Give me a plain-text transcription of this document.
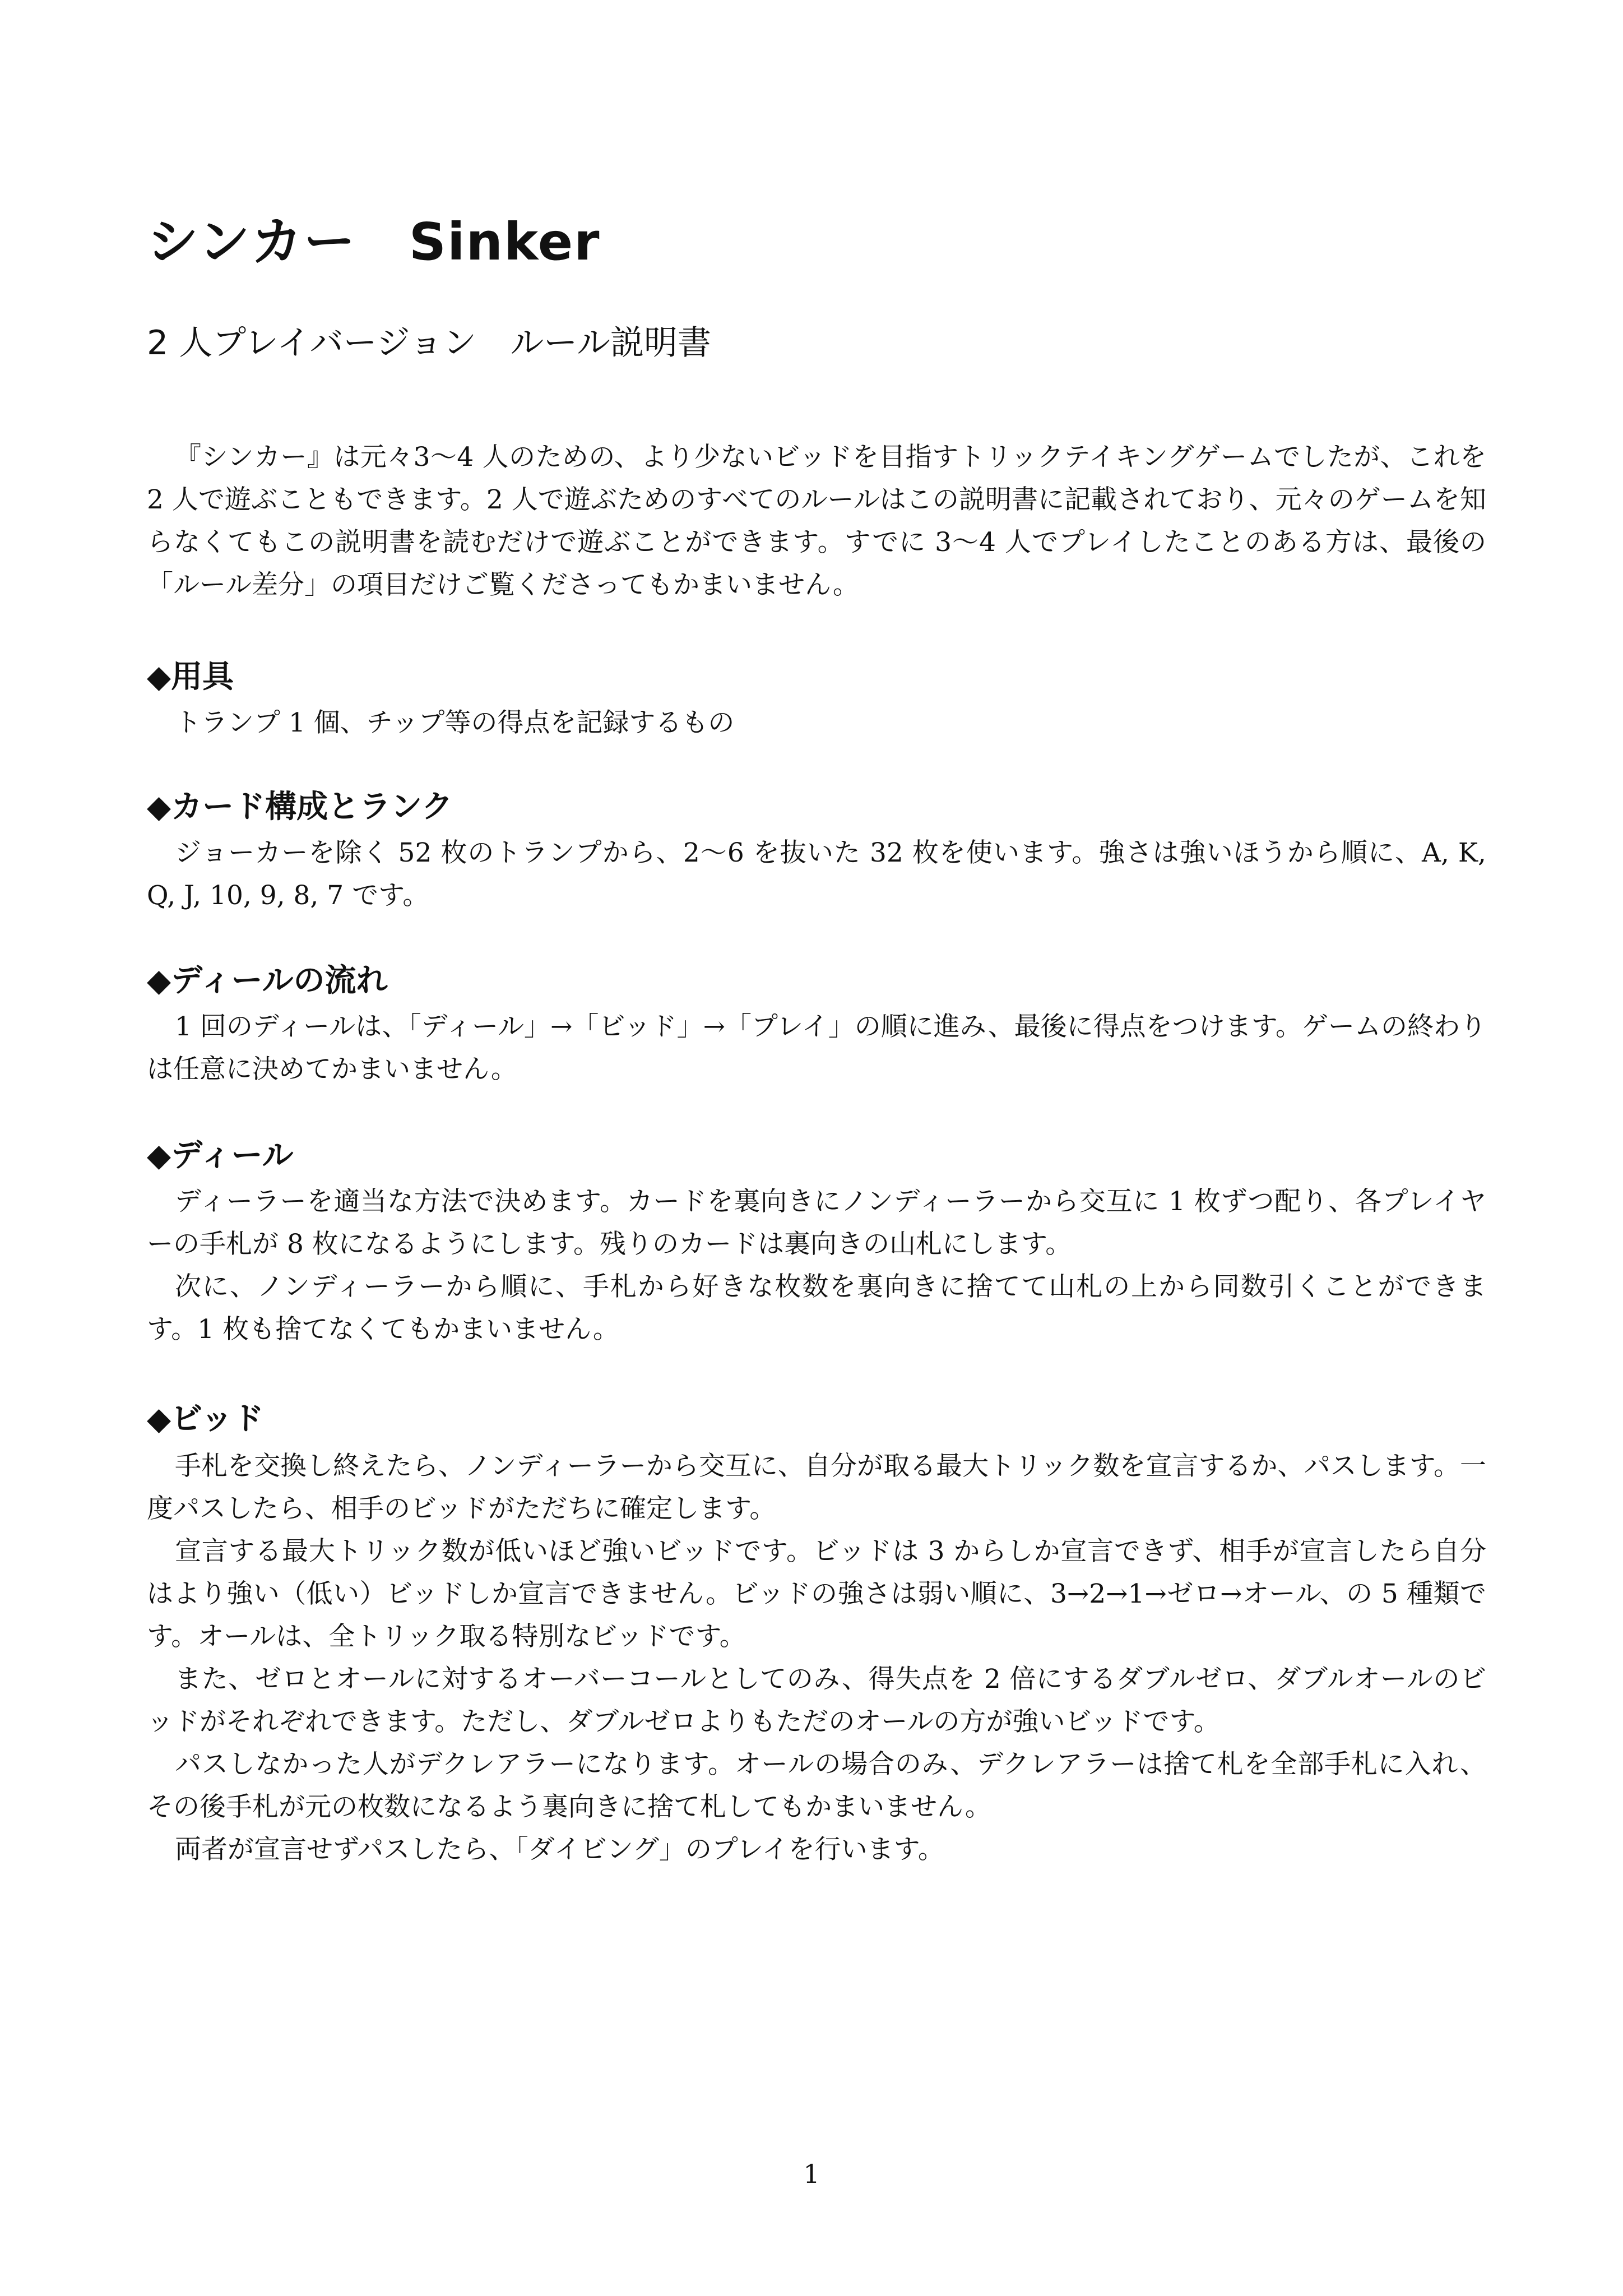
シンカー　Sinker
2 人プレイバージョン　ルール説明書

『シンカー』は元々3〜4 人のための、より少ないビッドを目指すトリックテイキングゲームでしたが、これを 2 人で遊ぶこともできます。2 人で遊ぶためのすべてのルールはこの説明書に記載されており、元々のゲームを知らなくてもこの説明書を読むだけで遊ぶことができます。すでに 3〜4 人でプレイしたことのある方は、最後の「ルール差分」の項目だけご覧くださってもかまいません。

◆用具

トランプ 1 個、チップ等の得点を記録するもの

◆カード構成とランク

ジョーカーを除く 52 枚のトランプから、2〜6 を抜いた 32 枚を使います。強さは強いほうから順に、A, K, Q, J, 10, 9, 8, 7 です。

◆ディールの流れ

1 回のディールは、「ディール」→「ビッド」→「プレイ」の順に進み、最後に得点をつけます。ゲームの終わりは任意に決めてかまいません。

◆ディール

ディーラーを適当な方法で決めます。カードを裏向きにノンディーラーから交互に 1 枚ずつ配り、各プレイヤーの手札が 8 枚になるようにします。残りのカードは裏向きの山札にします。

次に、ノンディーラーから順に、手札から好きな枚数を裏向きに捨てて山札の上から同数引くことができます。1 枚も捨てなくてもかまいません。

◆ビッド

手札を交換し終えたら、ノンディーラーから交互に、自分が取る最大トリック数を宣言するか、パスします。一度パスしたら、相手のビッドがただちに確定します。

宣言する最大トリック数が低いほど強いビッドです。ビッドは 3 からしか宣言できず、相手が宣言したら自分はより強い（低い）ビッドしか宣言できません。ビッドの強さは弱い順に、3→2→1→ゼロ→オール、の 5 種類です。オールは、全トリック取る特別なビッドです。

また、ゼロとオールに対するオーバーコールとしてのみ、得失点を 2 倍にするダブルゼロ、ダブルオールのビッドがそれぞれできます。ただし、ダブルゼロよりもただのオールの方が強いビッドです。

パスしなかった人がデクレアラーになります。オールの場合のみ、デクレアラーは捨て札を全部手札に入れ、その後手札が元の枚数になるよう裏向きに捨て札してもかまいません。

両者が宣言せずパスしたら、「ダイビング」のプレイを行います。

1
